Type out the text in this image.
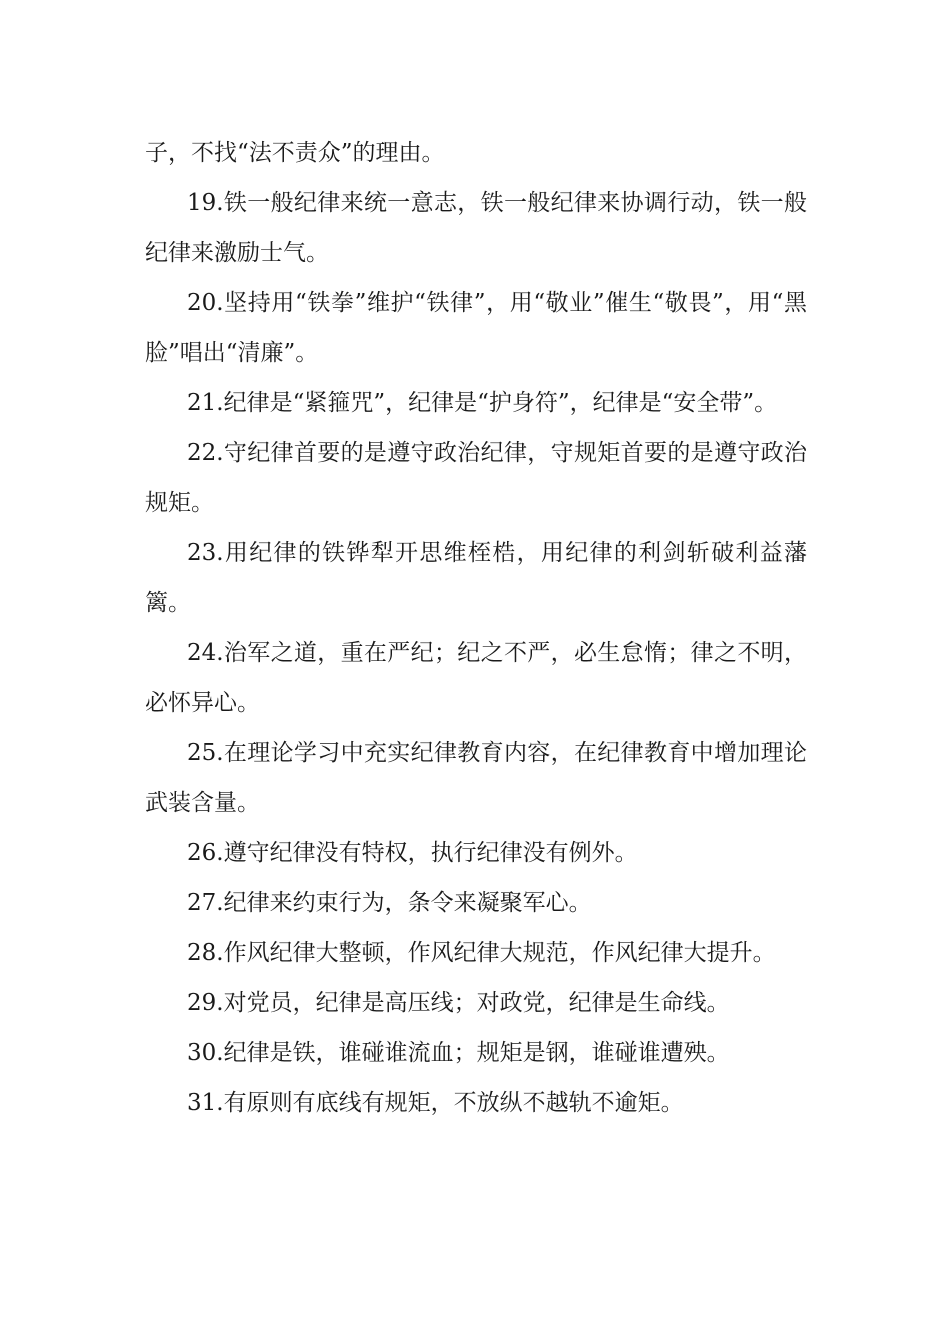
子，不找“法不责众”的理由。

19.铁一般纪律来统一意志，铁一般纪律来协调行动，铁一般纪律来激励士气。

20.坚持用“铁拳”维护“铁律”，用“敬业”催生“敬畏”，用“黑脸”唱出“清廉”。

21.纪律是“紧箍咒”，纪律是“护身符”，纪律是“安全带”。

22.守纪律首要的是遵守政治纪律，守规矩首要的是遵守政治规矩。

23.用纪律的铁铧犁开思维桎梏，用纪律的利剑斩破利益藩篱。

24.治军之道，重在严纪；纪之不严，必生怠惰；律之不明，必怀异心。

25.在理论学习中充实纪律教育内容，在纪律教育中增加理论武装含量。

26.遵守纪律没有特权，执行纪律没有例外。

27.纪律来约束行为，条令来凝聚军心。

28.作风纪律大整顿，作风纪律大规范，作风纪律大提升。

29.对党员，纪律是高压线；对政党，纪律是生命线。

30.纪律是铁，谁碰谁流血；规矩是钢，谁碰谁遭殃。

31.有原则有底线有规矩，不放纵不越轨不逾矩。
